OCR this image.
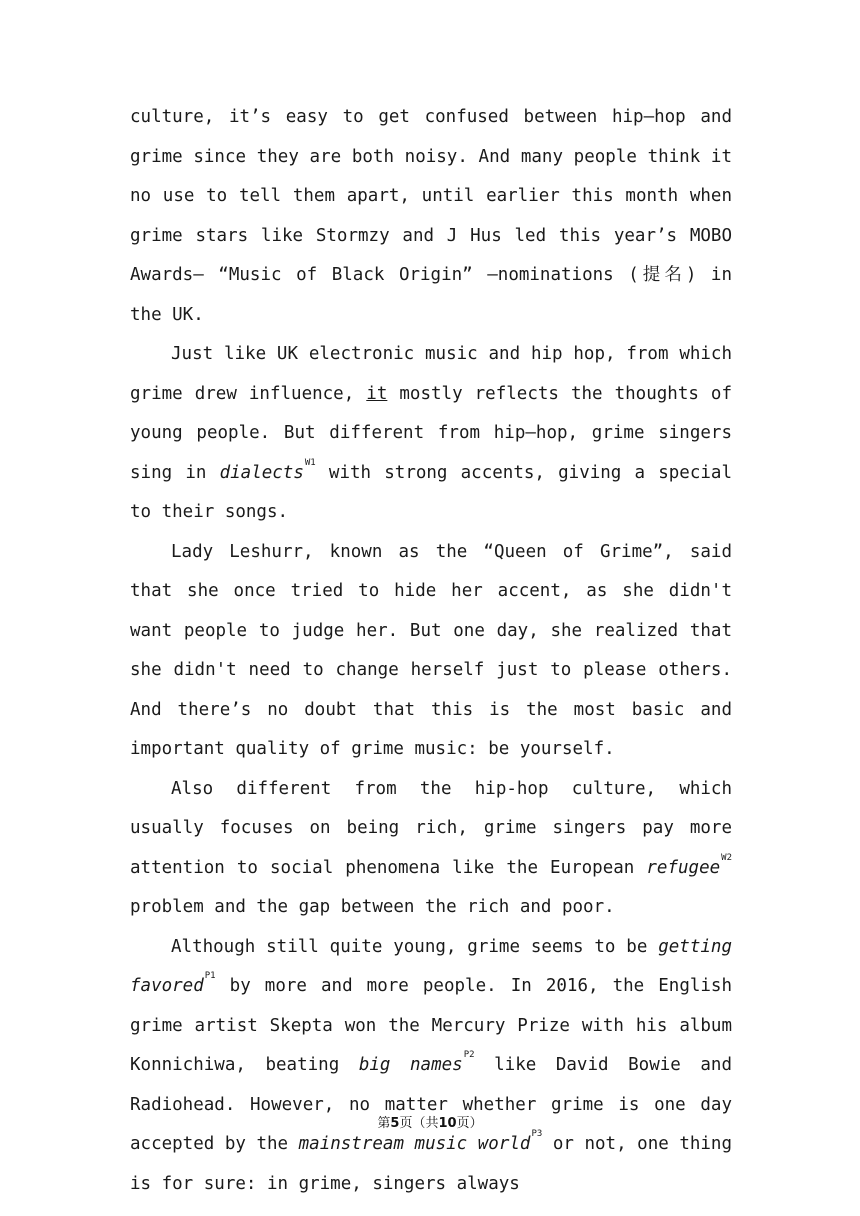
culture, it’s easy to get confused between hip—hop and grime since they are both noisy. And many people think it no use to tell them apart, until earlier this month when grime stars like Stormzy and J Hus led this year’s MOBO Awards— “Music of Black Origin” —nominations (提名) in the UK.

Just like UK electronic music and hip hop, from which grime drew influence, it mostly reflects the thoughts of young people. But different from hip—hop, grime singers sing in dialects$^{W1}$ with strong accents, giving a special to their songs.

Lady Leshurr, known as the “Queen of Grime”, said that she once tried to hide her accent, as she didn't want people to judge her. But one day, she realized that she didn't need to change herself just to please others. And there’s no doubt that this is the most basic and important quality of grime music: be yourself.

Also different from the hip-hop culture, which usually focuses on being rich, grime singers pay more attention to social phenomena like the European refugee$^{W2}$ problem and the gap between the rich and poor.

Although still quite young, grime seems to be getting favored$^{P1}$ by more and more people. In 2016, the English grime artist Skepta won the Mercury Prize with his album Konnichiwa, beating big names$^{P2}$ like David Bowie and Radiohead. However, no matter whether grime is one day accepted by the mainstream music world$^{P3}$ or not, one thing is for sure: in grime, singers always

第5页（共10页）
